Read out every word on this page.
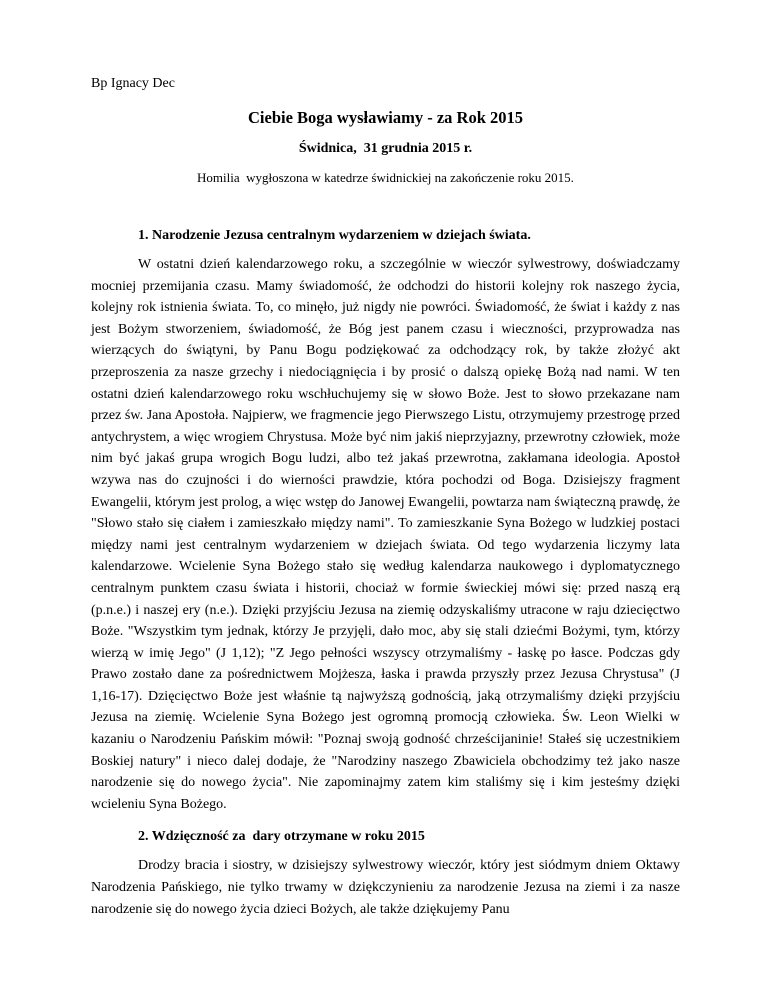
Bp Ignacy Dec

Ciebie Boga wysławiamy - za Rok 2015
Świdnica,  31 grudnia 2015 r.

Homilia  wygłoszona w katedrze świdnickiej na zakończenie roku 2015.

1. Narodzenie Jezusa centralnym wydarzeniem w dziejach świata.

W ostatni dzień kalendarzowego roku, a szczególnie w wieczór sylwestrowy, doświadczamy mocniej przemijania czasu. Mamy świadomość, że odchodzi do historii kolejny rok naszego życia, kolejny rok istnienia świata. To, co minęło, już nigdy nie powróci. Świadomość, że świat i każdy z nas jest Bożym stworzeniem, świadomość, że Bóg jest panem czasu i wieczności, przyprowadza nas wierzących do świątyni, by Panu Bogu podziękować za odchodzący rok, by także złożyć akt przeproszenia za nasze grzechy i niedociągnięcia i by prosić o dalszą opiekę Bożą nad nami. W ten ostatni dzień kalendarzowego roku wschłuchujemy się w słowo Boże. Jest to słowo przekazane nam przez św. Jana Apostoła. Najpierw, we fragmencie jego Pierwszego Listu, otrzymujemy przestrogę przed antychrystem, a więc wrogiem Chrystusa. Może być nim jakiś nieprzyjazny, przewrotny człowiek, może nim być jakaś grupa wrogich Bogu ludzi, albo też jakaś przewrotna, zakłamana ideologia. Apostoł wzywa nas do czujności i do wierności prawdzie, która pochodzi od Boga. Dzisiejszy fragment Ewangelii, którym jest prolog, a więc wstęp do Janowej Ewangelii, powtarza nam świąteczną prawdę, że "Słowo stało się ciałem i zamieszkało między nami". To zamieszkanie Syna Bożego w ludzkiej postaci między nami jest centralnym wydarzeniem w dziejach świata. Od tego wydarzenia liczymy lata kalendarzowe. Wcielenie Syna Bożego stało się według kalendarza naukowego i dyplomatycznego centralnym punktem czasu świata i historii, chociaż w formie świeckiej mówi się: przed naszą erą (p.n.e.) i naszej ery (n.e.). Dzięki przyjściu Jezusa na ziemię odzyskaliśmy utracone w raju dziecięctwo Boże. "Wszystkim tym jednak, którzy Je przyjęli, dało moc, aby się stali dziećmi Bożymi, tym, którzy wierzą w imię Jego" (J 1,12); "Z Jego pełności wszyscy otrzymaliśmy - łaskę po łasce. Podczas gdy Prawo zostało dane za pośrednictwem Mojżesza, łaska i prawda przyszły przez Jezusa Chrystusa" (J 1,16-17). Dzięcięctwo Boże jest właśnie tą najwyższą godnością, jaką otrzymaliśmy dzięki przyjściu Jezusa na ziemię. Wcielenie Syna Bożego jest ogromną promocją człowieka. Św. Leon Wielki w kazaniu o Narodzeniu Pańskim mówił: "Poznaj swoją godność chrześcijaninie! Stałeś się uczestnikiem Boskiej natury" i nieco dalej dodaje, że "Narodziny naszego Zbawiciela obchodzimy też jako nasze narodzenie się do nowego życia". Nie zapominajmy zatem kim staliśmy się i kim jesteśmy dzięki wcieleniu Syna Bożego.

2. Wdzięczność za  dary otrzymane w roku 2015

Drodzy bracia i siostry, w dzisiejszy sylwestrowy wieczór, który jest siódmym dniem Oktawy Narodzenia Pańskiego, nie tylko trwamy w dziękczynieniu za narodzenie Jezusa na ziemi i za nasze narodzenie się do nowego życia dzieci Bożych, ale także dziękujemy Panu
